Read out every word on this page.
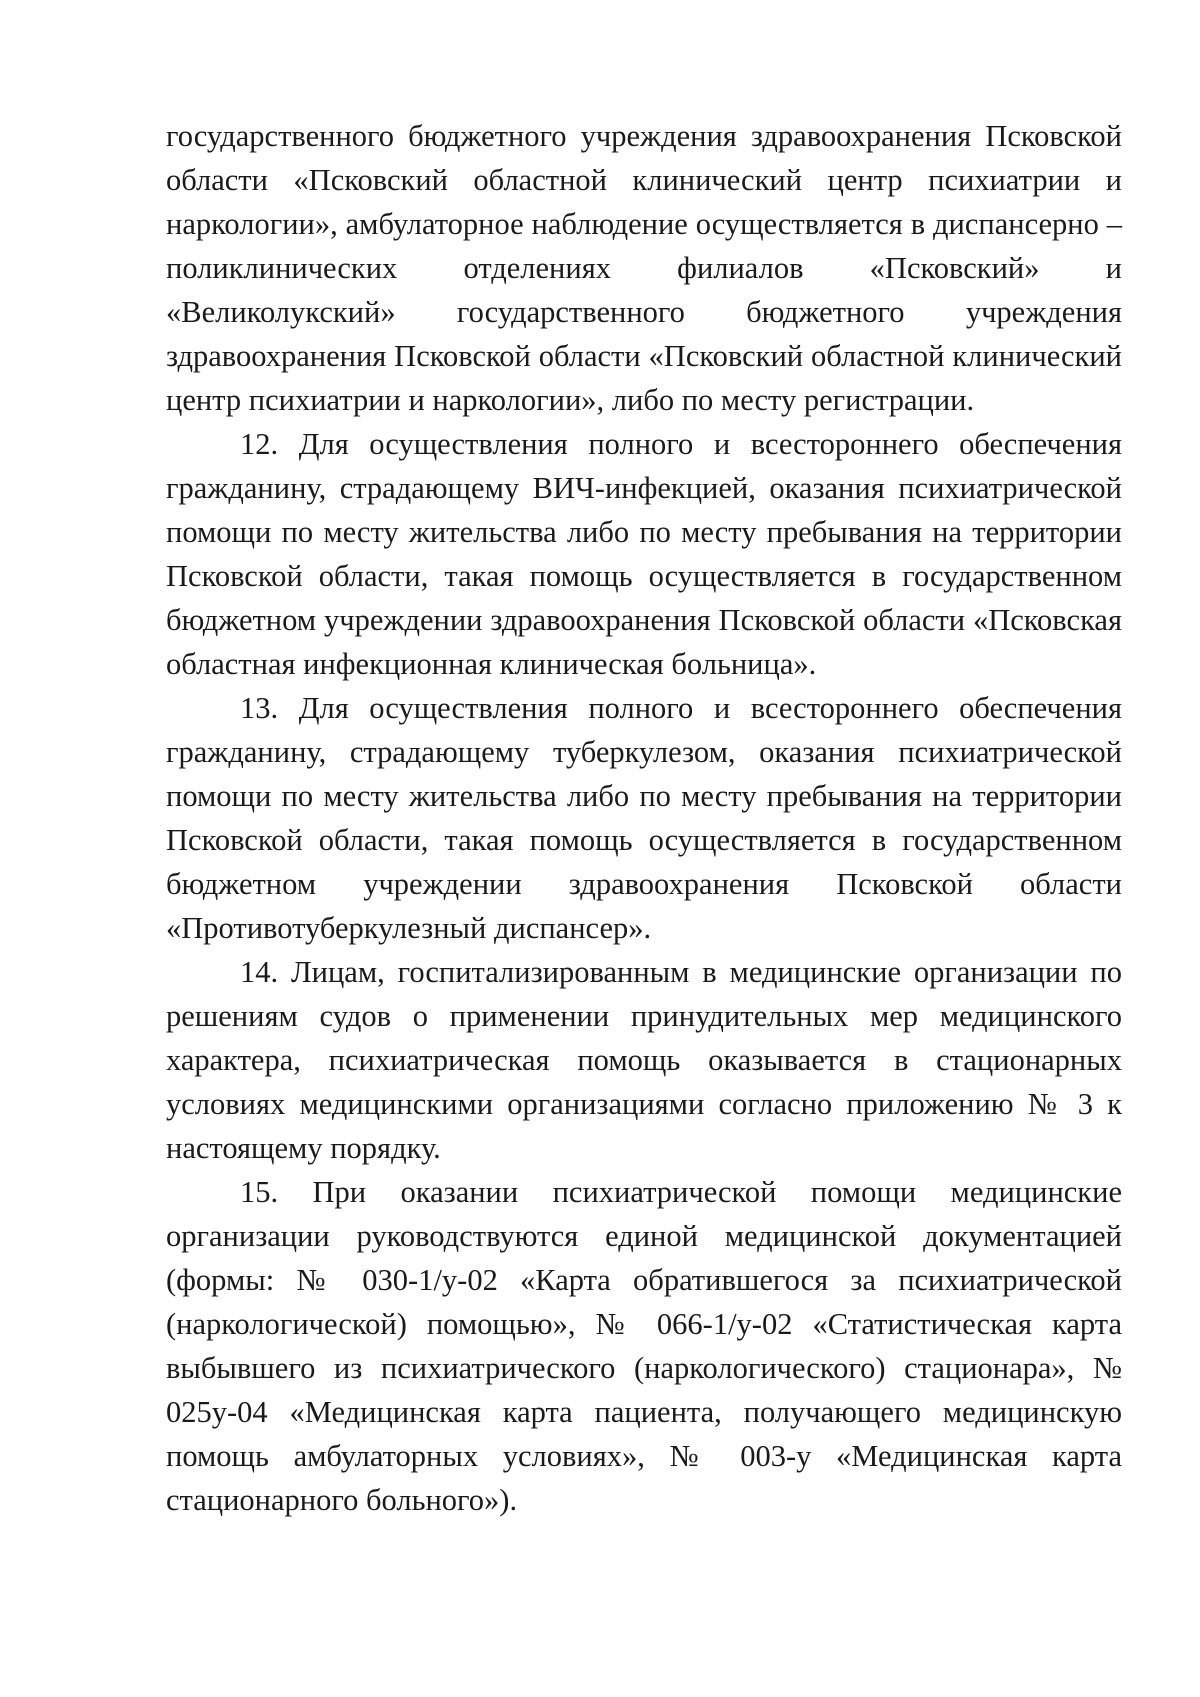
государственного бюджетного учреждения здравоохранения Псковской области «Псковский областной клинический центр психиатрии и наркологии», амбулаторное наблюдение осуществляется в диспансерно – поликлинических отделениях филиалов «Псковский» и «Великолукский» государственного бюджетного учреждения здравоохранения Псковской области «Псковский областной клинический центр психиатрии и наркологии», либо по месту регистрации.

12. Для осуществления полного и всестороннего обеспечения гражданину, страдающему ВИЧ-инфекцией, оказания психиатрической помощи по месту жительства либо по месту пребывания на территории Псковской области, такая помощь осуществляется в государственном бюджетном учреждении здравоохранения Псковской области «Псковская областная инфекционная клиническая больница».

13. Для осуществления полного и всестороннего обеспечения гражданину, страдающему туберкулезом, оказания психиатрической помощи по месту жительства либо по месту пребывания на территории Псковской области, такая помощь осуществляется в государственном бюджетном учреждении здравоохранения Псковской области «Противотуберкулезный диспансер».

14. Лицам, госпитализированным в медицинские организации по решениям судов о применении принудительных мер медицинского характера, психиатрическая помощь оказывается в стационарных условиях медицинскими организациями согласно приложению № 3 к настоящему порядку.

15. При оказании психиатрической помощи медицинские организации руководствуются единой медицинской документацией (формы: № 030-1/у-02 «Карта обратившегося за психиатрической (наркологической) помощью», № 066-1/у-02 «Статистическая карта выбывшего из психиатрического (наркологического) стационара», № 025у-04 «Медицинская карта пациента, получающего медицинскую помощь амбулаторных условиях», № 003-у «Медицинская карта стационарного больного»).
